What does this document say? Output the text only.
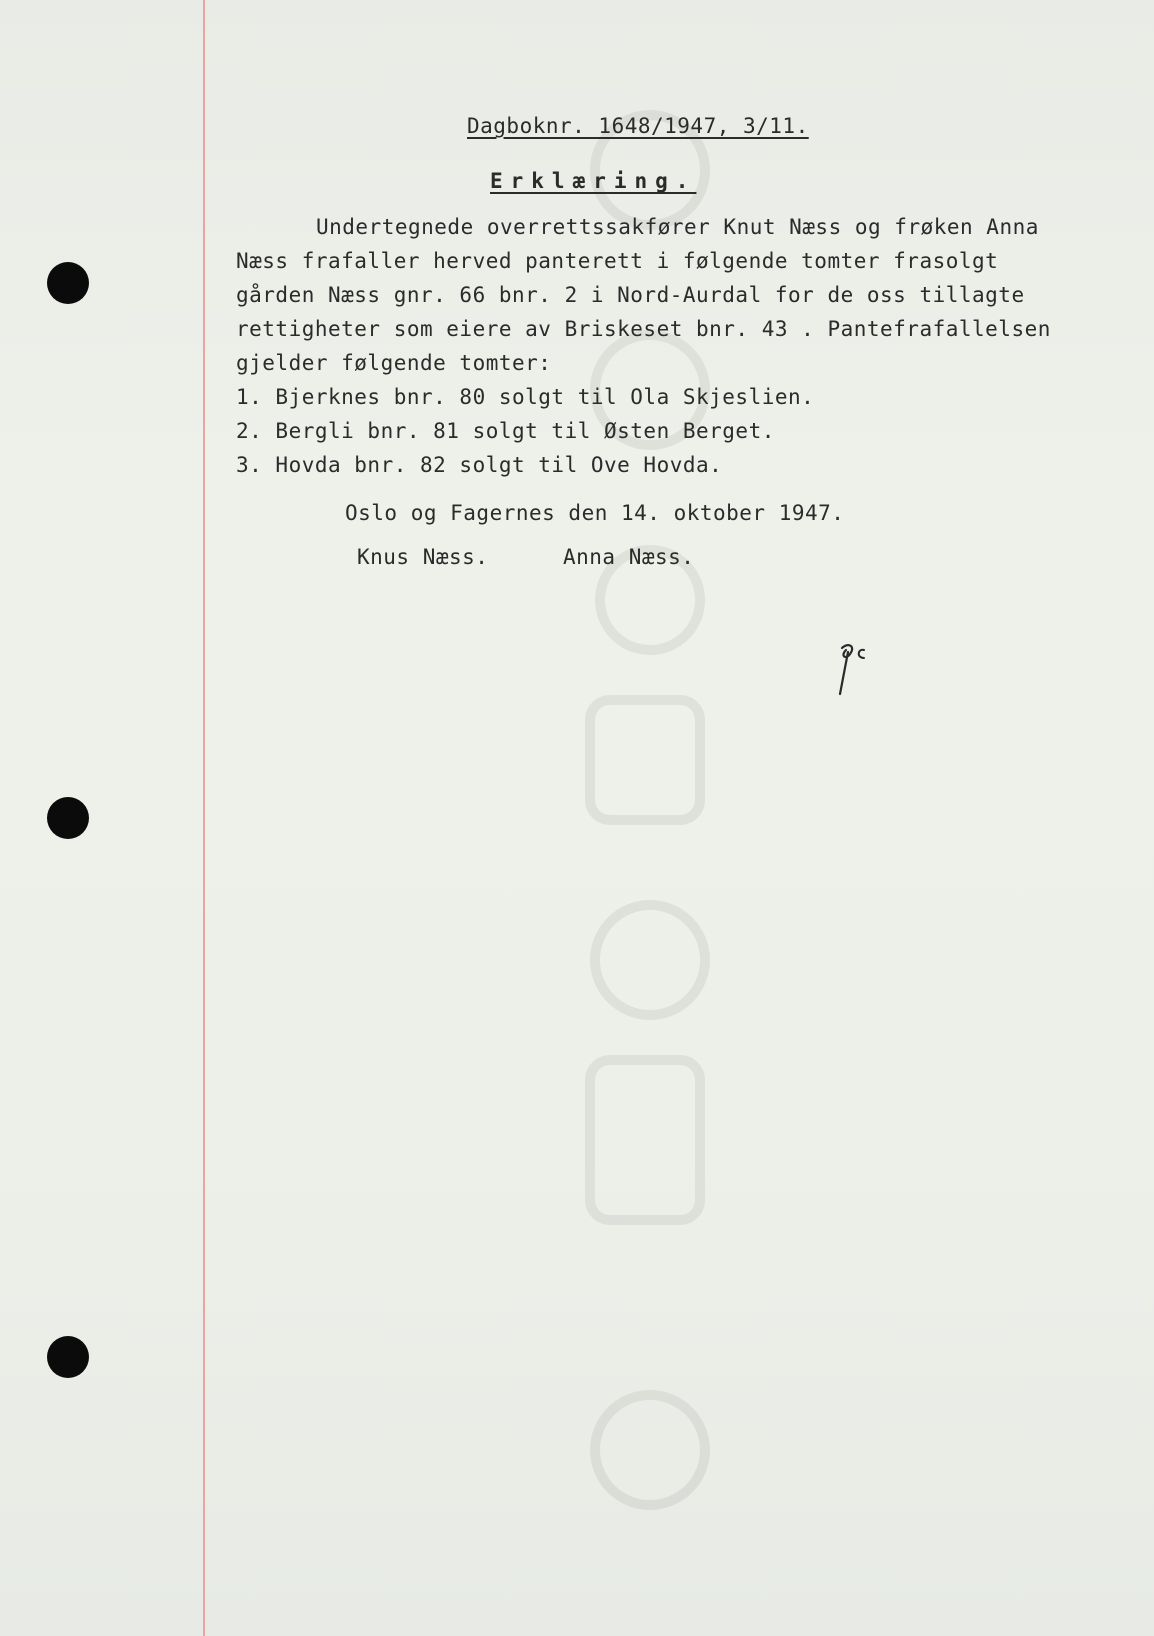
Dagboknr. 1648/1947, 3/11.
Erklæring.
Undertegnede overrettssakfører Knut Næss og frøken Anna
Næss frafaller herved panterett i følgende tomter frasolgt
gården Næss gnr. 66 bnr. 2 i Nord-Aurdal for de oss tillagte
rettigheter som eiere av Briskeset bnr. 43 . Pantefrafallelsen
gjelder følgende tomter:
1. Bjerknes bnr. 80 solgt til Ola Skjeslien.
2. Bergli bnr. 81 solgt til Østen Berget.
3. Hovda bnr. 82 solgt til Ove Hovda.
Oslo og Fagernes den 14. oktober 1947.
Knus Næss.	Anna Næss.
